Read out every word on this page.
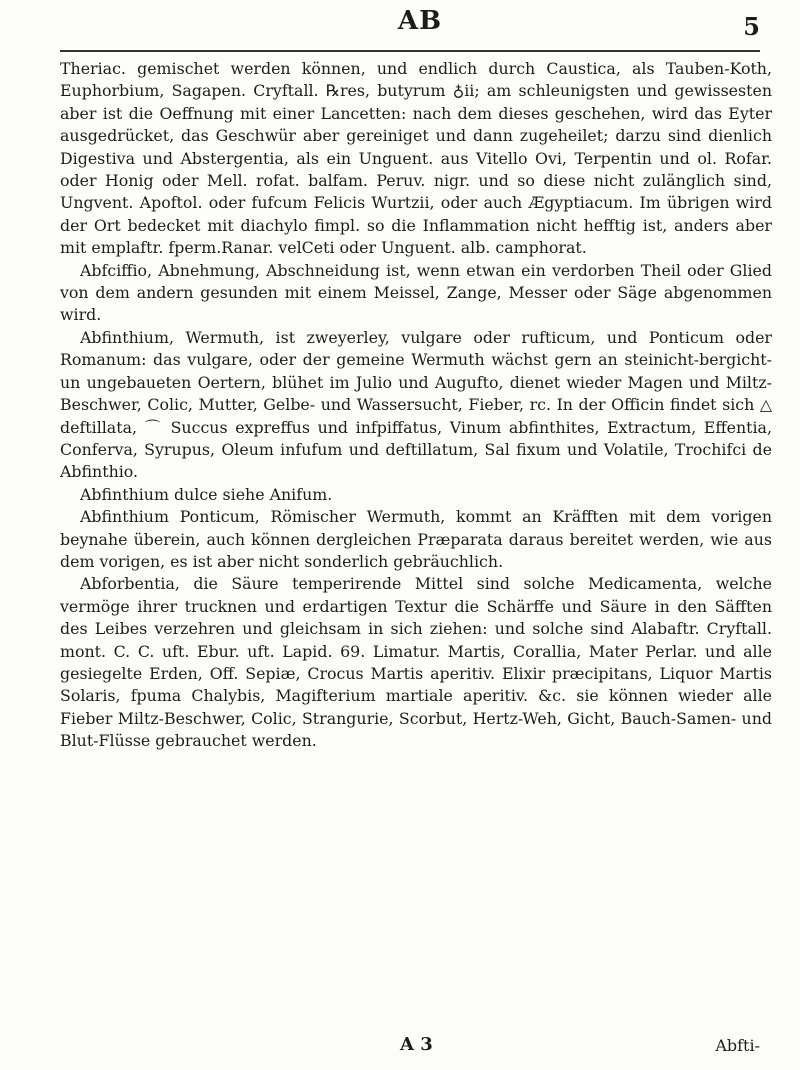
AB	5

Theriac. gemischet werden können, und endlich durch Caustica, als Tauben-Koth, Euphorbium, Sagapen. Cryftall. ℞res, butyrum ♁ii; am schleunigsten und gewissesten aber ist die Oeffnung mit einer Lancetten: nach dem dieses geschehen, wird das Eyter ausgedrücket, das Geschwür aber gereiniget und dann zugeheilet; darzu sind dienlich Digestiva und Abstergentia, als ein Unguent. aus Vitello Ovi, Terpentin und ol. Rofar. oder Honig oder Mell. rofat. balfam. Peruv. nigr. und so diese nicht zulänglich sind, Ungvent. Apoftol. oder fufcum Felicis Wurtzii, oder auch Ægyptiacum. Im übrigen wird der Ort bedecket mit diachylo fimpl. so die Inflammation nicht hefftig ist, anders aber mit emplaftr. fperm.Ranar. velCeti oder Unguent. alb. camphorat.

Abfciffio, Abnehmung, Abschneidung ist, wenn etwan ein verdorben Theil oder Glied von dem andern gesunden mit einem Meissel, Zange, Messer oder Säge abgenommen wird.

Abfinthium, Wermuth, ist zweyerley, vulgare oder rufticum, und Ponticum oder Romanum: das vulgare, oder der gemeine Wermuth wächst gern an steinicht-bergicht-un ungebaueten Oertern, blühet im Julio und Augufto, dienet wieder Magen und Miltz-Beschwer, Colic, Mutter, Gelbe- und Wassersucht, Fieber, rc. In der Officin findet sich △ deftillata, ⌒ Succus expreffus und infpiffatus, Vinum abfinthites, Extractum, Effentia, Conferva, Syrupus, Oleum infufum und deftillatum, Sal fixum und Volatile, Trochifci de Abfinthio.

Abfinthium dulce siehe Anifum.

Abfinthium Ponticum, Römischer Wermuth, kommt an Kräfften mit dem vorigen beynahe überein, auch können dergleichen Præparata daraus bereitet werden, wie aus dem vorigen, es ist aber nicht sonderlich gebräuchlich.

Abforbentia, die Säure temperirende Mittel sind solche Medicamenta, welche vermöge ihrer trucknen und erdartigen Textur die Schärffe und Säure in den Säfften des Leibes verzehren und gleichsam in sich ziehen: und solche sind Alabaftr. Cryftall. mont. C. C. uft. Ebur. uft. Lapid. 69. Limatur. Martis, Corallia, Mater Perlar. und alle gesiegelte Erden, Off. Sepiæ, Crocus Martis aperitiv. Elixir præcipitans, Liquor Martis Solaris, fpuma Chalybis, Magifterium martiale aperitiv. &c. sie können wieder alle Fieber Miltz-Beschwer, Colic, Strangurie, Scorbut, Hertz-Weh, Gicht, Bauch-Samen- und Blut-Flüsse gebrauchet werden.

A 3	Abfti-
